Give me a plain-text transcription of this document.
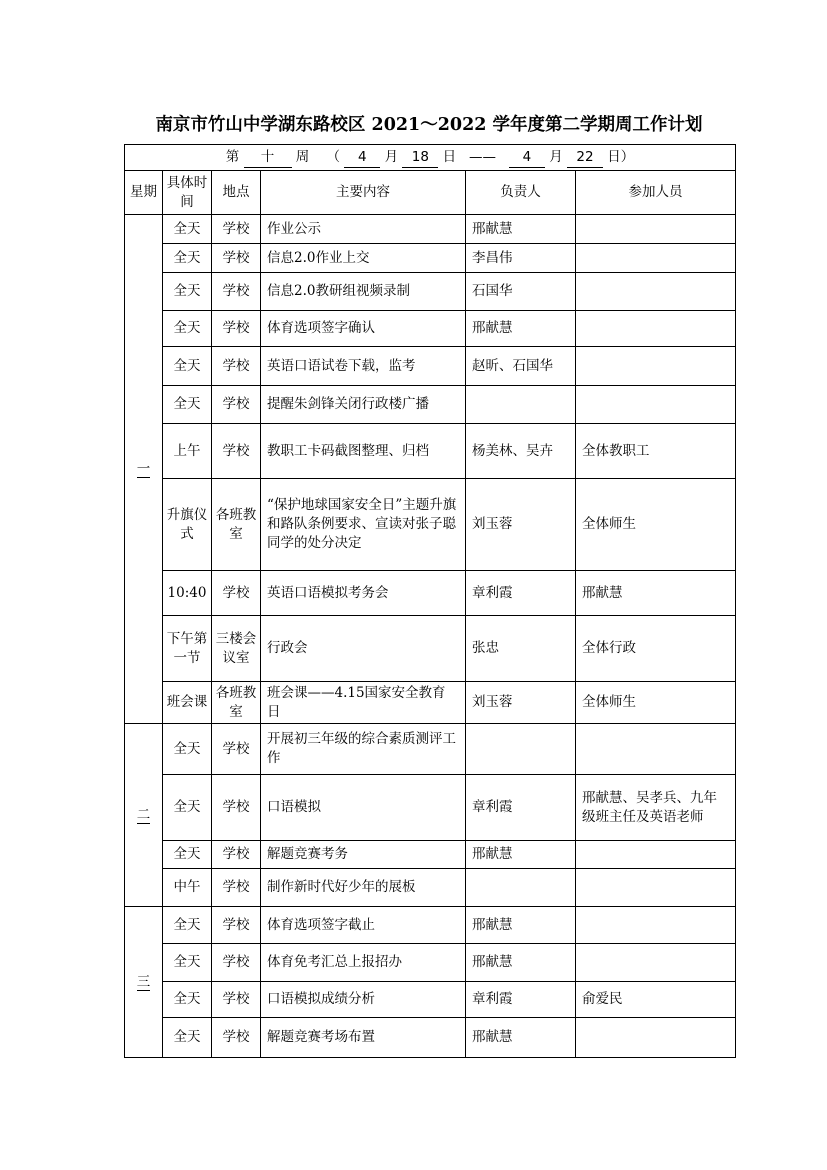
南京市竹山中学湖东路校区 2021～2022 学年度第二学期周工作计划
第 十 周 （ 4 月 18 日 —— 4 月 22 日）					
星期	具体时间	地点	主要内容	负责人	参加人员
一	全天	学校	作业公示	邢献慧	
	全天	学校	信息2.0作业上交	李昌伟	
	全天	学校	信息2.0教研组视频录制	石国华	
	全天	学校	体育选项签字确认	邢献慧	
	全天	学校	英语口语试卷下载，监考	赵昕、石国华	
	全天	学校	提醒朱剑锋关闭行政楼广播		
	上午	学校	教职工卡码截图整理、归档	杨美林、吴卉	全体教职工
	升旗仪式	各班教室	“保护地球国家安全日”主题升旗和路队条例要求、宣读对张子聪同学的处分决定	刘玉蓉	全体师生
	10:40	学校	英语口语模拟考务会	章利霞	邢献慧
	下午第一节	三楼会议室	行政会	张忠	全体行政
	班会课	各班教室	班会课——4.15国家安全教育日	刘玉蓉	全体师生
二	全天	学校	开展初三年级的综合素质测评工作		
	全天	学校	口语模拟	章利霞	邢献慧、吴孝兵、九年级班主任及英语老师
	全天	学校	解题竞赛考务	邢献慧	
	中午	学校	制作新时代好少年的展板		
三	全天	学校	体育选项签字截止	邢献慧	
	全天	学校	体育免考汇总上报招办	邢献慧	
	全天	学校	口语模拟成绩分析	章利霞	俞爱民
	全天	学校	解题竞赛考场布置	邢献慧	
